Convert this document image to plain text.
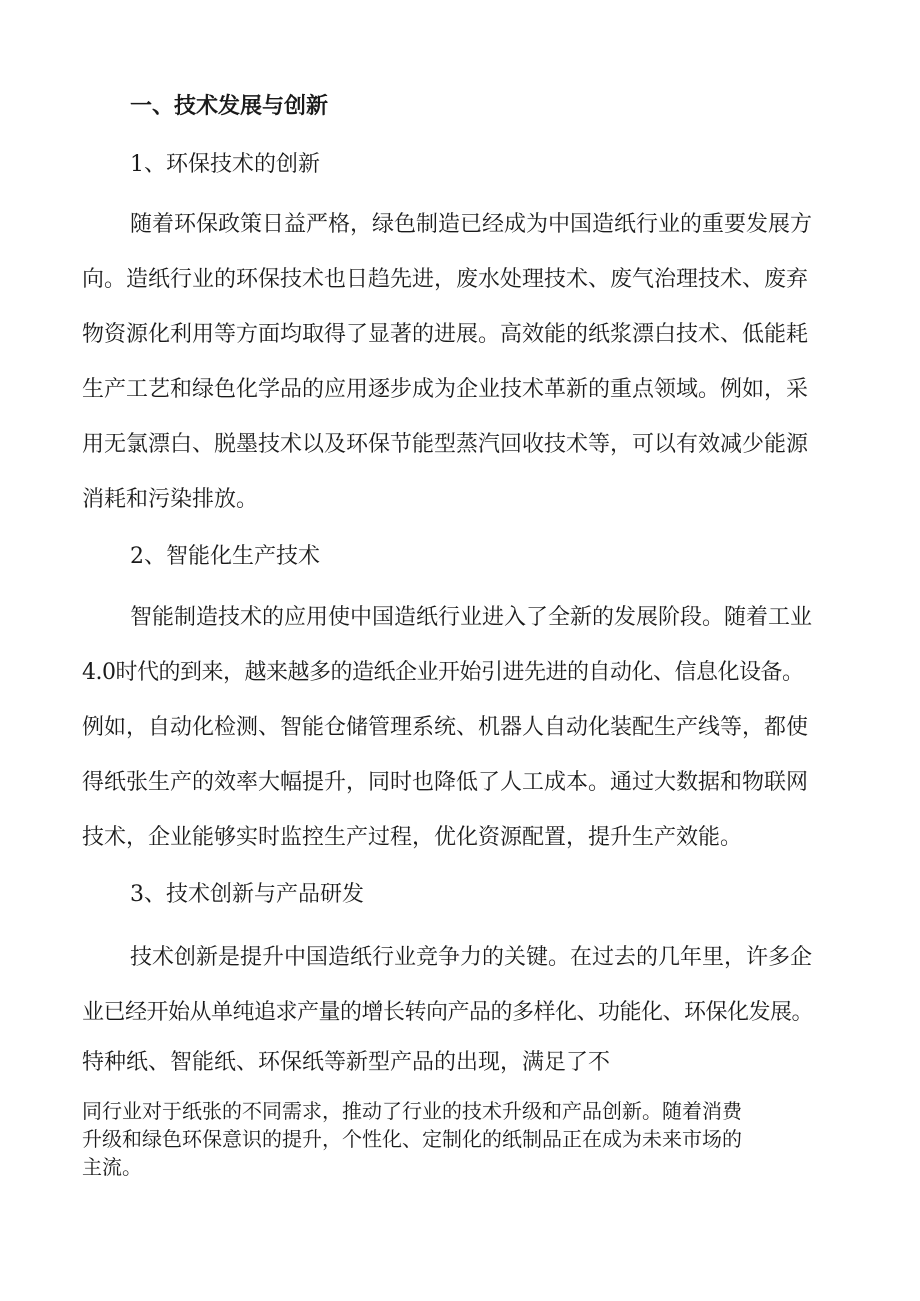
一、技术发展与创新
1、环保技术的创新
随着环保政策日益严格，绿色制造已经成为中国造纸行业的重要发展方
向。造纸行业的环保技术也日趋先进，废水处理技术、废气治理技术、废弃
物资源化利用等方面均取得了显著的进展。高效能的纸浆漂白技术、低能耗
生产工艺和绿色化学品的应用逐步成为企业技术革新的重点领域。例如，采
用无氯漂白、脱墨技术以及环保节能型蒸汽回收技术等，可以有效减少能源
消耗和污染排放。
2、智能化生产技术
智能制造技术的应用使中国造纸行业进入了全新的发展阶段。随着工业
4.0时代的到来，越来越多的造纸企业开始引进先进的自动化、信息化设备。
例如，自动化检测、智能仓储管理系统、机器人自动化装配生产线等，都使
得纸张生产的效率大幅提升，同时也降低了人工成本。通过大数据和物联网
技术，企业能够实时监控生产过程，优化资源配置，提升生产效能。
3、技术创新与产品研发
技术创新是提升中国造纸行业竞争力的关键。在过去的几年里，许多企
业已经开始从单纯追求产量的增长转向产品的多样化、功能化、环保化发展。
特种纸、智能纸、环保纸等新型产品的出现，满足了不
同行业对于纸张的不同需求，推动了行业的技术升级和产品创新。随着消费
升级和绿色环保意识的提升，个性化、定制化的纸制品正在成为未来市场的
主流。
